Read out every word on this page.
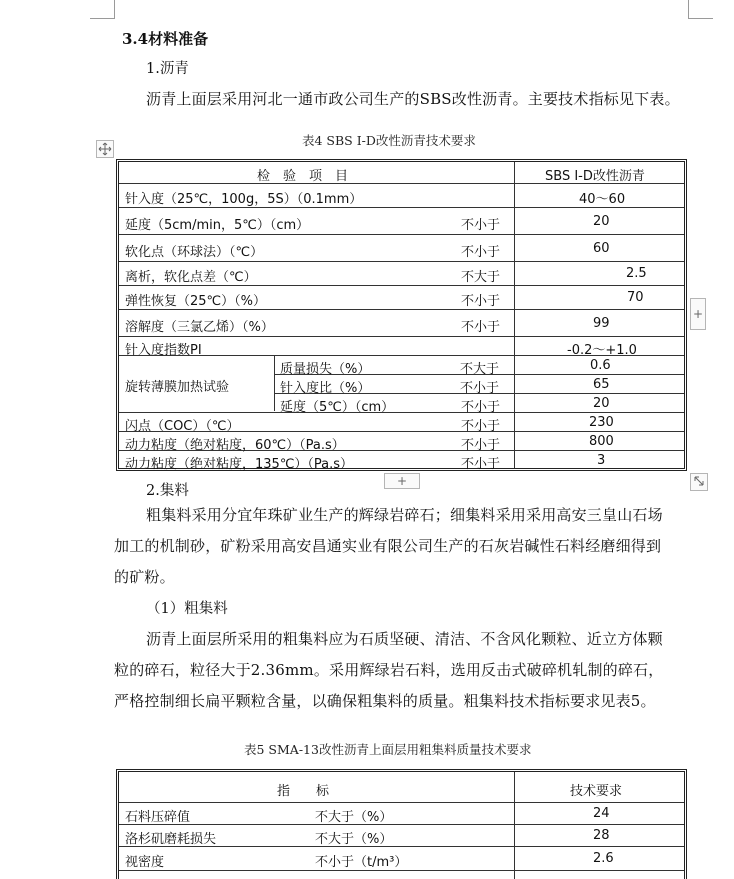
3.4材料准备
1.沥青
沥青上面层采用河北一通市政公司生产的SBS改性沥青。主要技术指标见下表。
表4 SBS I-D改性沥青技术要求
检　验　项　目	SBS I-D改性沥青
针入度（25℃，100g，5S）（0.1mm）	40～60
延度（5cm/min，5℃）（cm）	不小于	20
软化点（环球法）（℃）	不小于	60
离析，软化点差（℃）	不大于	2.5
弹性恢复（25℃）（%）	不小于	70
溶解度（三氯乙烯）（%）	不小于	99
针入度指数PI	-0.2～+1.0
旋转薄膜加热试验
质量损失（%）	不大于	0.6
针入度比（%）	不小于	65
延度（5℃）（cm）	不小于	20
闪点（COC）（℃）	不小于	230
动力粘度（绝对粘度，60℃）（Pa.s）	不小于	800
动力粘度（绝对粘度，135℃）（Pa.s）	不小于	3
+
+
2.集料
粗集料采用分宜年珠矿业生产的辉绿岩碎石；细集料采用采用高安三皇山石场
加工的机制砂，矿粉采用高安昌通实业有限公司生产的石灰岩碱性石料经磨细得到
的矿粉。
（1）粗集料
沥青上面层所采用的粗集料应为石质坚硬、清洁、不含风化颗粒、近立方体颗
粒的碎石，粒径大于2.36mm。采用辉绿岩石料，选用反击式破碎机轧制的碎石，
严格控制细长扁平颗粒含量，以确保粗集料的质量。粗集料技术指标要求见表5。
表5 SMA-13改性沥青上面层用粗集料质量技术要求
指　　标	技术要求
石料压碎值	不大于（%）	24
洛杉矶磨耗损失	不大于（%）	28
视密度	不小于（t/m³）	2.6
